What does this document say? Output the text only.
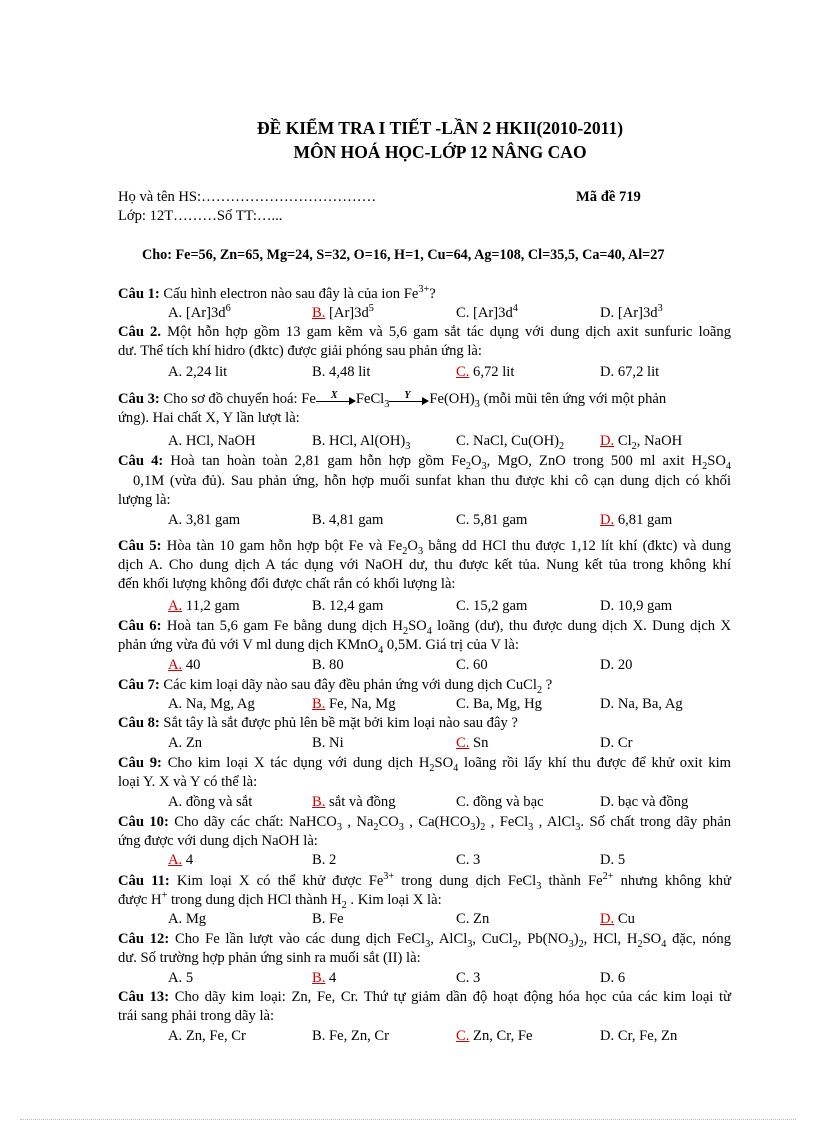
ĐỀ KIỂM TRA I TIẾT -LẦN 2 HKII(2010-2011)
MÔN HOÁ HỌC-LỚP 12 NÂNG CAO
Họ và tên HS:………………………………	Mã đề 719
Lớp: 12T………Số TT:…...
Cho: Fe=56, Zn=65, Mg=24, S=32, O=16, H=1, Cu=64, Ag=108, Cl=35,5, Ca=40, Al=27
Câu 1: Cấu hình electron nào sau đây là của ion $Fe^{3+}$?
A. $[Ar]3d^6$	B. $[Ar]3d^5$	C. $[Ar]3d^4$	D. $[Ar]3d^3$
Câu 2. Một hỗn hợp gồm 13 gam kẽm và 5,6 gam sắt tác dụng với dung dịch axit sunfuric loãng
dư. Thể tích khí hidro (đktc) được giải phóng sau phản ứng là:
A. 2,24 lit	B. 4,48 lit	C. 6,72 lit	D. 67,2 lit
Câu 3: Cho sơ đồ chuyển hoá: Fe X FeCl$_3$
Y $Fe(OH)_3$ (mỗi mũi tên ứng với một phản
ứng). Hai chất X, Y lần lượt là:
A. HCl, NaOH	B. HCl, $Al(OH)_3$	C. NaCl, $Cu(OH)_2$ D. $Cl_2$, NaOH
Câu 4: Hoà tan hoàn toàn 2,81 gam hỗn hợp gồm $Fe_2O_3$, MgO, ZnO trong 500 ml axit $H_2SO_4$
0,1M (vừa đủ). Sau phản ứng, hỗn hợp muối sunfat khan thu được khi cô cạn dung dịch có khối
lượng là:
A. 3,81 gam	B. 4,81 gam	C. 5,81 gam	D. 6,81 gam
Câu 5: Hòa tàn 10 gam hỗn hợp bột Fe và $Fe_2O_3$ bằng dd HCl thu được 1,12 lít khí (đktc) và dung
dịch A. Cho dung dịch A tác dụng với NaOH dư, thu được kết tủa. Nung kết tủa trong không khí
đến khối lượng không đổi được chất rắn có khối lượng là:
A. 11,2 gam	B. 12,4 gam	C. 15,2 gam	D. 10,9 gam
Câu 6: Hoà tan 5,6 gam Fe bằng dung dịch $H_2SO_4$ loãng (dư), thu được dung dịch X. Dung dịch X
phản ứng vừa đủ với V ml dung dịch KMnO$_4$ 0,5M. Giá trị của V là:
A. 40	B. 80	C. 60	D. 20
Câu 7: Các kim loại dãy nào sau đây đều phản ứng với dung dịch CuCl$_2$ ?
A. Na, Mg, Ag	B. Fe, Na, Mg	C. Ba, Mg, Hg	D. Na, Ba, Ag
Câu 8: Sắt tây là sắt được phủ lên bề mặt bởi kim loại nào sau đây ?
A. Zn	B. Ni	C. Sn	D. Cr
Câu 9: Cho kim loại X tác dụng với dung dịch $H_2SO_4$ loãng rồi lấy khí thu được để khử oxit kim
loại Y. X và Y có thể là:
A. đồng và sắt	B. sắt và đồng	C. đồng và bạc	D. bạc và đồng
Câu 10: Cho dãy các chất: NaHCO$_3$ , $Na_2CO_3$ , $Ca(HCO_3)_2$ , FeCl$_3$ , AlCl$_3$. Số chất trong dãy phản
ứng được với dung dịch NaOH là:
A. 4	B. 2	C. 3	D. 5
Câu 11: Kim loại X có thể khử được $Fe^{3+}$ trong dung dịch FeCl$_3$ thành $Fe^{2+}$ nhưng không khử
được H+ trong dung dịch HCl thành $H_2$ . Kim loại X là:
A. Mg	B. Fe	C. Zn	D. Cu
Câu 12: Cho Fe lần lượt vào các dung dịch FeCl$_3$, AlCl$_3$, CuCl$_2$, $Pb(NO_3)_2$, HCl, $H_2SO_4$ đặc, nóng
dư. Số trường hợp phản ứng sinh ra muối sắt (II) là:
A. 5	B. 4	C. 3	D. 6
Câu 13: Cho dãy kim loại: Zn, Fe, Cr. Thứ tự giảm dần độ hoạt động hóa học của các kim loại từ
trái sang phải trong dãy là:
A. Zn, Fe, Cr	B. Fe, Zn, Cr	C. Zn, Cr, Fe	D. Cr, Fe, Zn
